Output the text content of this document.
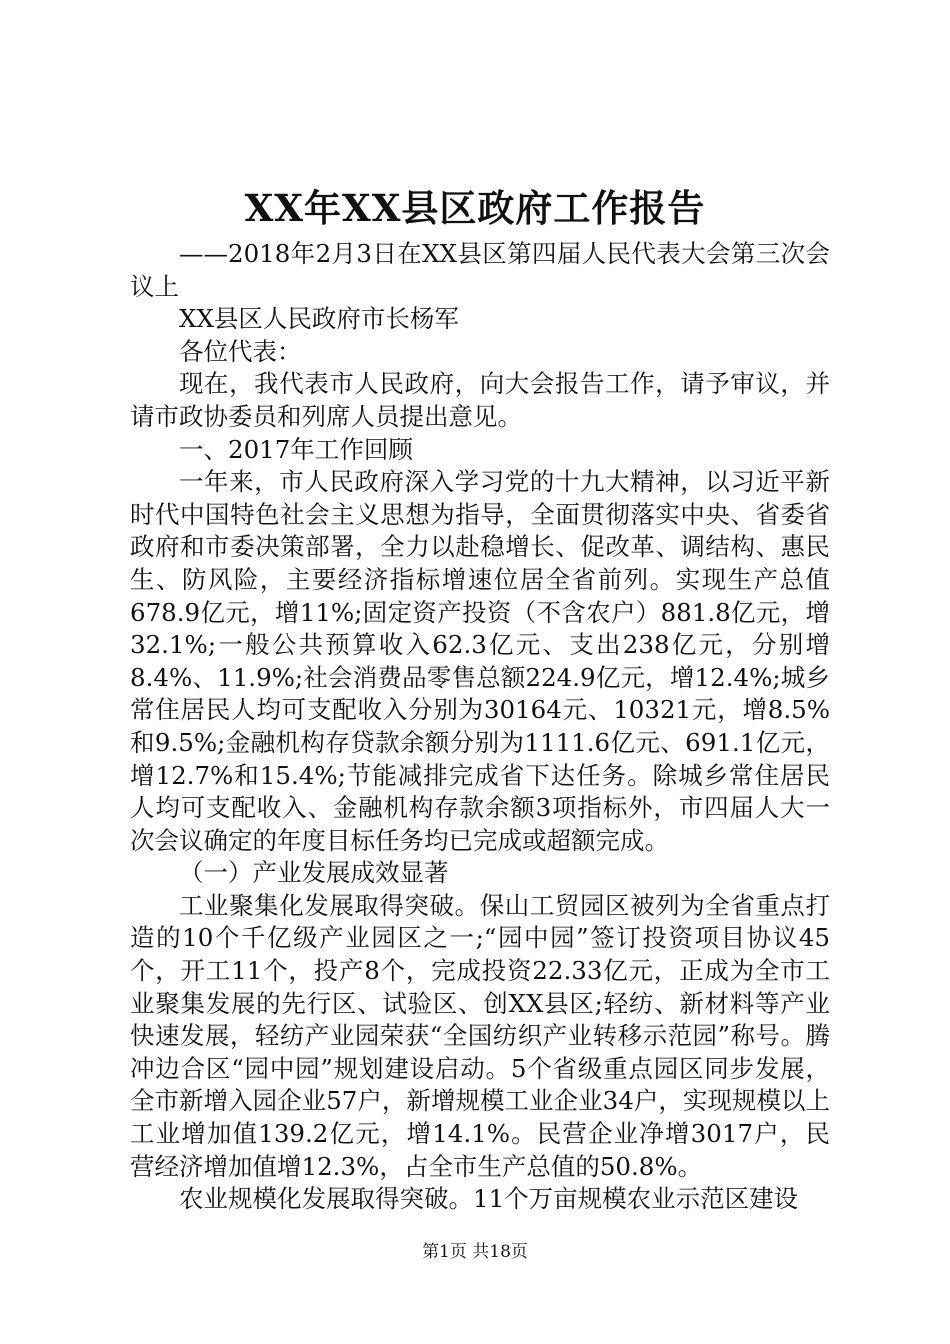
XX年XX县区政府工作报告

——2018年2月3日在XX县区第四届人民代表大会第三次会议上

XX县区人民政府市长杨军

各位代表：

现在，我代表市人民政府，向大会报告工作，请予审议，并请市政协委员和列席人员提出意见。

一、2017年工作回顾

一年来，市人民政府深入学习党的十九大精神，以习近平新时代中国特色社会主义思想为指导，全面贯彻落实中央、省委省政府和市委决策部署，全力以赴稳增长、促改革、调结构、惠民生、防风险，主要经济指标增速位居全省前列。实现生产总值678.9亿元，增11%;固定资产投资（不含农户）881.8亿元，增32.1%;一般公共预算收入62.3亿元、支出238亿元，分别增8.4%、11.9%;社会消费品零售总额224.9亿元，增12.4%;城乡常住居民人均可支配收入分别为30164元、10321元，增8.5%和9.5%;金融机构存贷款余额分别为1111.6亿元、691.1亿元，增12.7%和15.4%;节能减排完成省下达任务。除城乡常住居民人均可支配收入、金融机构存款余额3项指标外，市四届人大一次会议确定的年度目标任务均已完成或超额完成。

（一）产业发展成效显著

工业聚集化发展取得突破。保山工贸园区被列为全省重点打造的10个千亿级产业园区之一;“园中园”签订投资项目协议45个，开工11个，投产8个，完成投资22.33亿元，正成为全市工业聚集发展的先行区、试验区、创XX县区;轻纺、新材料等产业快速发展，轻纺产业园荣获“全国纺织产业转移示范园”称号。腾冲边合区“园中园”规划建设启动。5个省级重点园区同步发展，全市新增入园企业57户，新增规模工业企业34户，实现规模以上工业增加值139.2亿元，增14.1%。民营企业净增3017户，民营经济增加值增12.3%，占全市生产总值的50.8%。

农业规模化发展取得突破。11个万亩规模农业示范区建设

第1页 共18页
